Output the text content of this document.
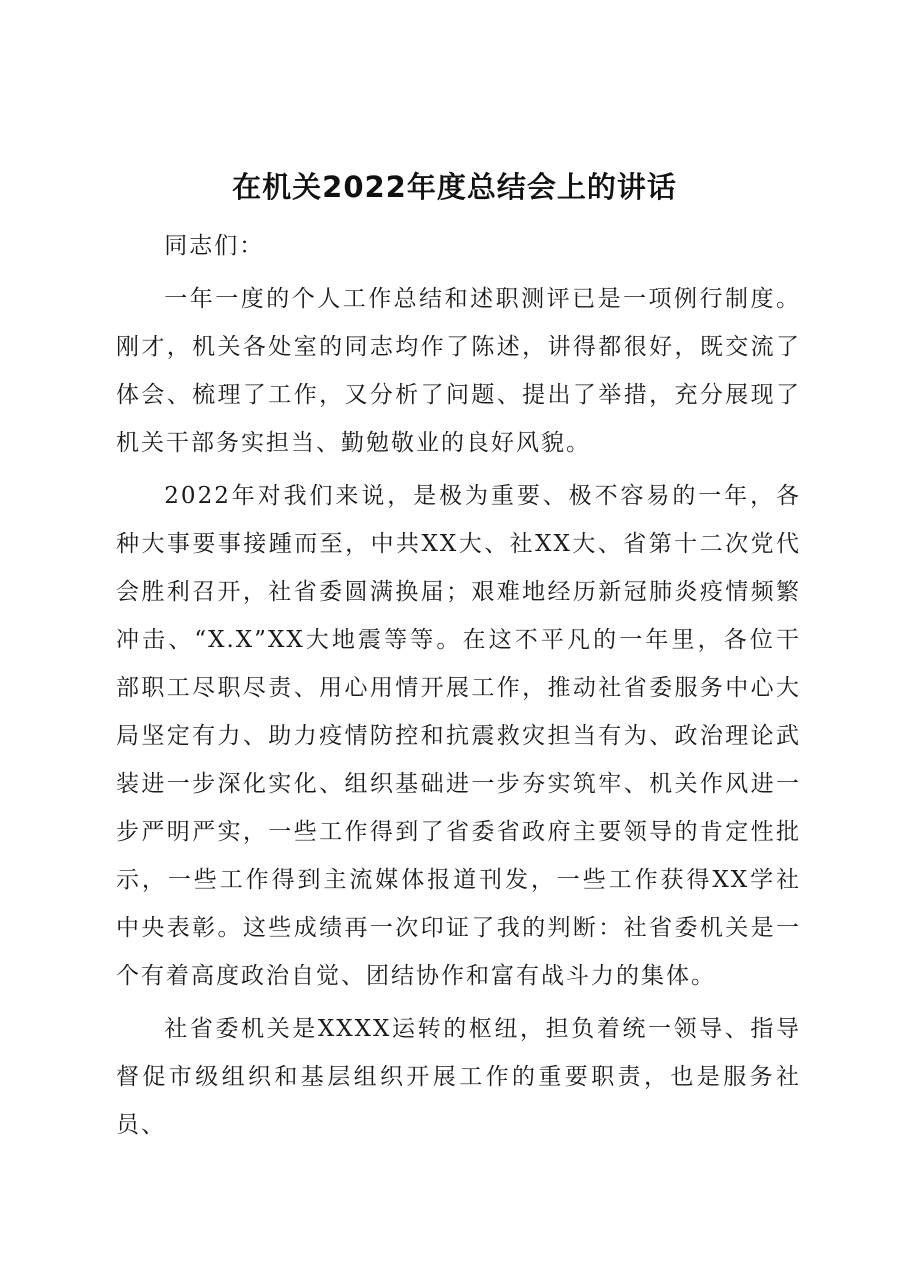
在机关2022年度总结会上的讲话

同志们：

一年一度的个人工作总结和述职测评已是一项例行制度。刚才，机关各处室的同志均作了陈述，讲得都很好，既交流了体会、梳理了工作，又分析了问题、提出了举措，充分展现了机关干部务实担当、勤勉敬业的良好风貌。

2022年对我们来说，是极为重要、极不容易的一年，各种大事要事接踵而至，中共XX大、社XX大、省第十二次党代会胜利召开，社省委圆满换届；艰难地经历新冠肺炎疫情频繁冲击、“X.X”XX大地震等等。在这不平凡的一年里，各位干部职工尽职尽责、用心用情开展工作，推动社省委服务中心大局坚定有力、助力疫情防控和抗震救灾担当有为、政治理论武装进一步深化实化、组织基础进一步夯实筑牢、机关作风进一步严明严实，一些工作得到了省委省政府主要领导的肯定性批示，一些工作得到主流媒体报道刊发，一些工作获得XX学社中央表彰。这些成绩再一次印证了我的判断：社省委机关是一个有着高度政治自觉、团结协作和富有战斗力的集体。

社省委机关是XXXX运转的枢纽，担负着统一领导、指导督促市级组织和基层组织开展工作的重要职责，也是服务社员、
